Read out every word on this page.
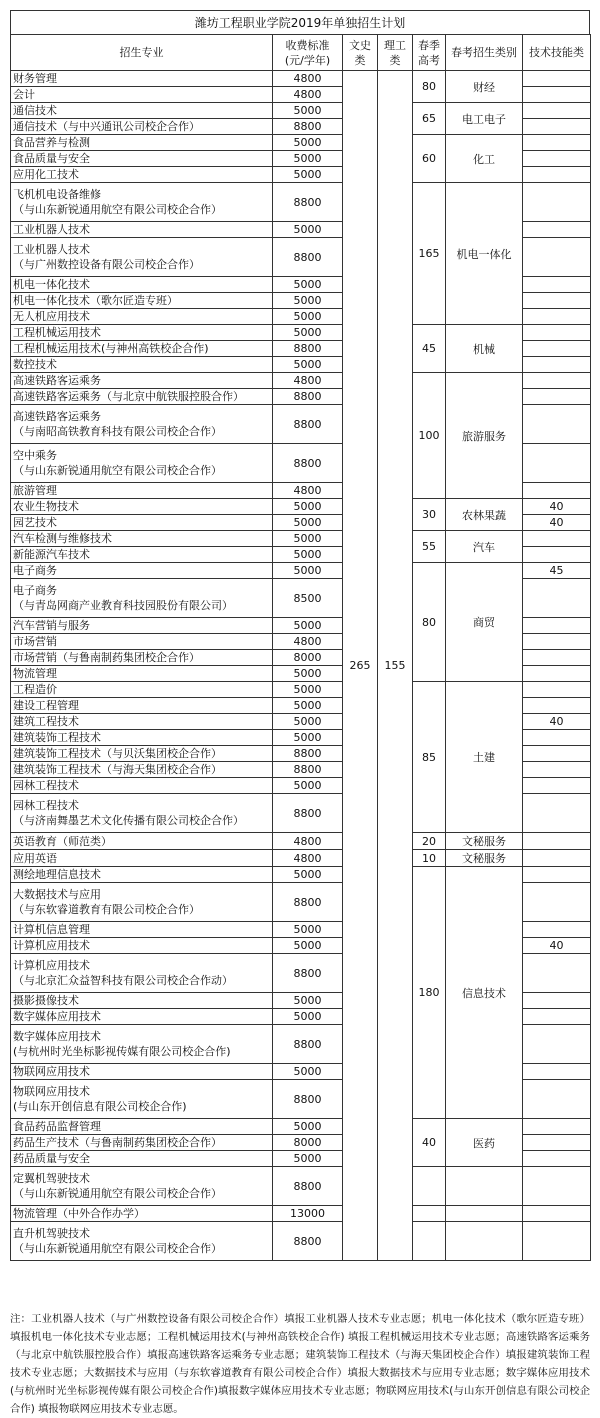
潍坊工程职业学院2019年单独招生计划
招生专业	收费标准
(元/学年)	文史类	理工类	春季
高考	春考招生类别	技术技能类
财务管理	4800	265	155	80	财经	
会计	4800					
通信技术	5000			65	电工电子	
通信技术（与中兴通讯公司校企合作）	8800					
食品营养与检测	5000			60	化工	
食品质量与安全	5000					
应用化工技术	5000					
飞机机电设备维修
（与山东新锐通用航空有限公司校企合作）	8800			165	机电一体化	
工业机器人技术	5000					
工业机器人技术
（与广州数控设备有限公司校企合作）	8800					
机电一体化技术	5000					
机电一体化技术（歌尔匠造专班）	5000					
无人机应用技术	5000					
工程机械运用技术	5000			45	机械	
工程机械运用技术(与神州高铁校企合作)	8800					
数控技术	5000					
高速铁路客运乘务	4800			100	旅游服务	
高速铁路客运乘务（与北京中航铁服控股合作）	8800					
高速铁路客运乘务
（与南昭高铁教育科技有限公司校企合作）	8800					
空中乘务
（与山东新锐通用航空有限公司校企合作）	8800					
旅游管理	4800					
农业生物技术	5000			30	农林果蔬	40
园艺技术	5000					40
汽车检测与维修技术	5000			55	汽车	
新能源汽车技术	5000					
电子商务	5000			80	商贸	45
电子商务
（与青岛网商产业教育科技园股份有限公司）	8500					
汽车营销与服务	5000					
市场营销	4800					
市场营销（与鲁南制药集团校企合作）	8000					
物流管理	5000					
工程造价	5000			85	土建	
建设工程管理	5000					
建筑工程技术	5000					40
建筑装饰工程技术	5000					
建筑装饰工程技术（与贝沃集团校企合作）	8800					
建筑装饰工程技术（与海天集团校企合作）	8800					
园林工程技术	5000					
园林工程技术
（与济南舞墨艺术文化传播有限公司校企合作）	8800					
英语教育（师范类）	4800			20	文秘服务	
应用英语	4800			10	文秘服务	
测绘地理信息技术	5000			180	信息技术	
大数据技术与应用
（与东软睿道教育有限公司校企合作）	8800					
计算机信息管理	5000					
计算机应用技术	5000					40
计算机应用技术
（与北京汇众益智科技有限公司校企合作动）	8800					
摄影摄像技术	5000					
数字媒体应用技术	5000					
数字媒体应用技术
(与杭州时光坐标影视传媒有限公司校企合作)	8800					
物联网应用技术	5000					
物联网应用技术
(与山东开创信息有限公司校企合作)	8800					
食品药品监督管理	5000			40	医药	
药品生产技术（与鲁南制药集团校企合作）	8000					
药品质量与安全	5000					
定翼机驾驶技术
（与山东新锐通用航空有限公司校企合作）	8800					
物流管理（中外合作办学）	13000					
直升机驾驶技术
（与山东新锐通用航空有限公司校企合作）	8800					
注：工业机器人技术（与广州数控设备有限公司校企合作）填报工业机器人技术专业志愿；机电一体化技术（歌尔匠造专班）填报机电一体化技术专业志愿；工程机械运用技术(与神州高铁校企合作) 填报工程机械运用技术专业志愿；高速铁路客运乘务（与北京中航铁服控股合作）填报高速铁路客运乘务专业志愿；建筑装饰工程技术（与海天集团校企合作）填报建筑装饰工程技术专业志愿；大数据技术与应用（与东软睿道教育有限公司校企合作）填报大数据技术与应用专业志愿；数字媒体应用技术(与杭州时光坐标影视传媒有限公司校企合作)填报数字媒体应用技术专业志愿；物联网应用技术(与山东开创信息有限公司校企合作) 填报物联网应用技术专业志愿。
